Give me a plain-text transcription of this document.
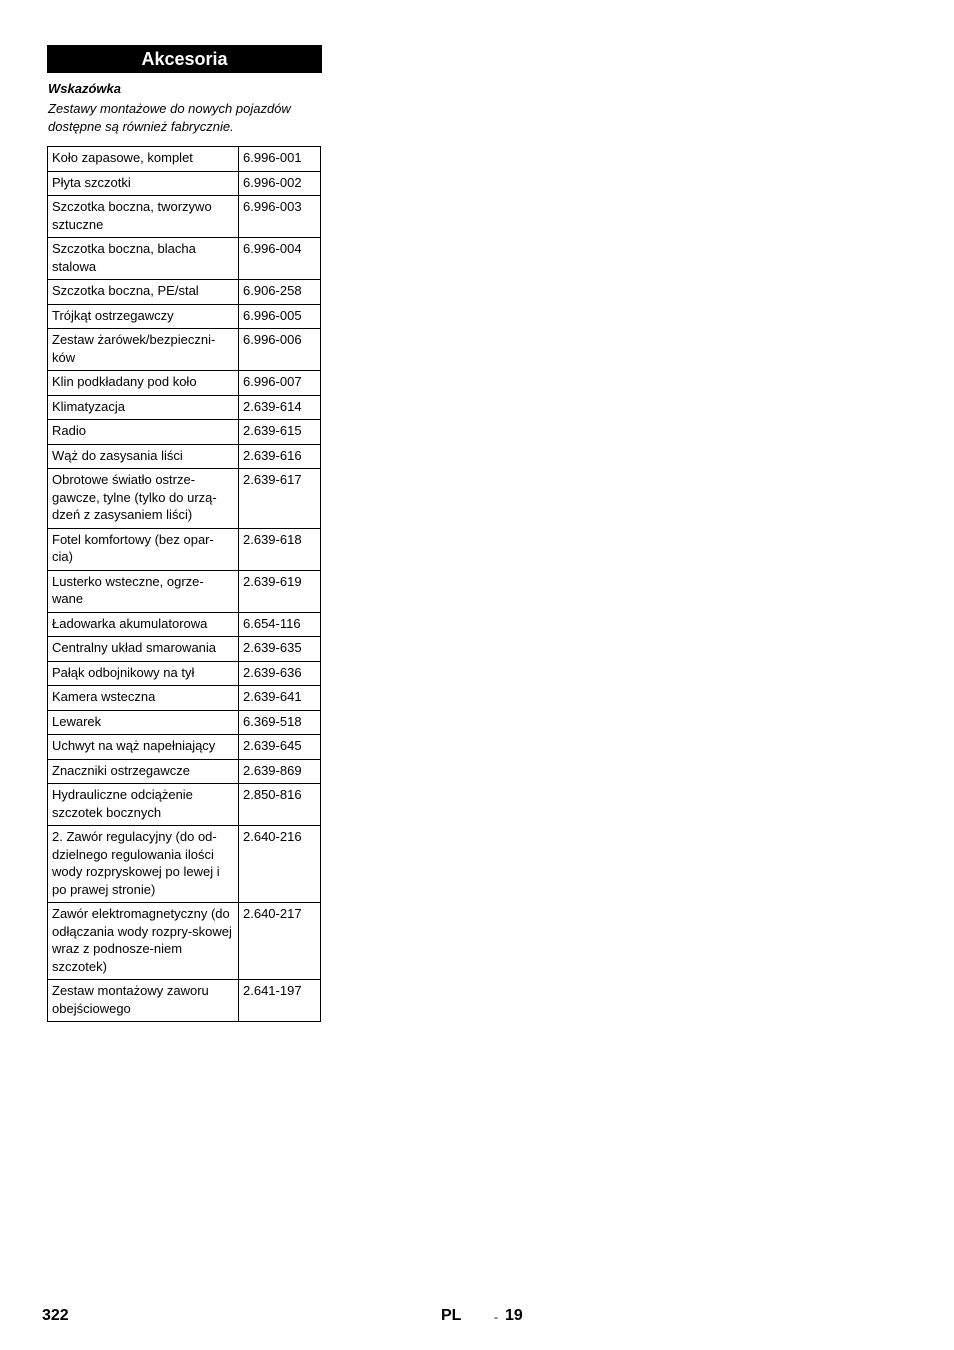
Akcesoria
Wskazówka
Zestawy montażowe do nowych pojazdów dostępne są również fabrycznie.
Koło zapasowe, komplet	6.996-001
Płyta szczotki	6.996-002
Szczotka boczna, tworzywo sztuczne	6.996-003
Szczotka boczna, blacha stalowa	6.996-004
Szczotka boczna, PE/stal	6.906-258
Trójkąt ostrzegawczy	6.996-005
Zestaw żarówek/bezpieczni-ków	6.996-006
Klin podkładany pod koło	6.996-007
Klimatyzacja	2.639-614
Radio	2.639-615
Wąż do zasysania liści	2.639-616
Obrotowe światło ostrze-gawcze, tylne (tylko do urzą-dzeń z zasysaniem liści)	2.639-617
Fotel komfortowy (bez opar-cia)	2.639-618
Lusterko wsteczne, ogrze-wane	2.639-619
Ładowarka akumulatorowa	6.654-116
Centralny układ smarowania	2.639-635
Pałąk odbojnikowy na tył	2.639-636
Kamera wsteczna	2.639-641
Lewarek	6.369-518
Uchwyt na wąż napełniający	2.639-645
Znaczniki ostrzegawcze	2.639-869
Hydrauliczne odciążenie szczotek bocznych	2.850-816
2. Zawór regulacyjny (do od-dzielnego regulowania ilości wody rozpryskowej po lewej i po prawej stronie)	2.640-216
Zawór elektromagnetyczny (do odłączania wody rozpry-skowej wraz z podnosze-niem szczotek)	2.640-217
Zestaw montażowy zaworu obejściowego	2.641-197
322	PL	- 19
